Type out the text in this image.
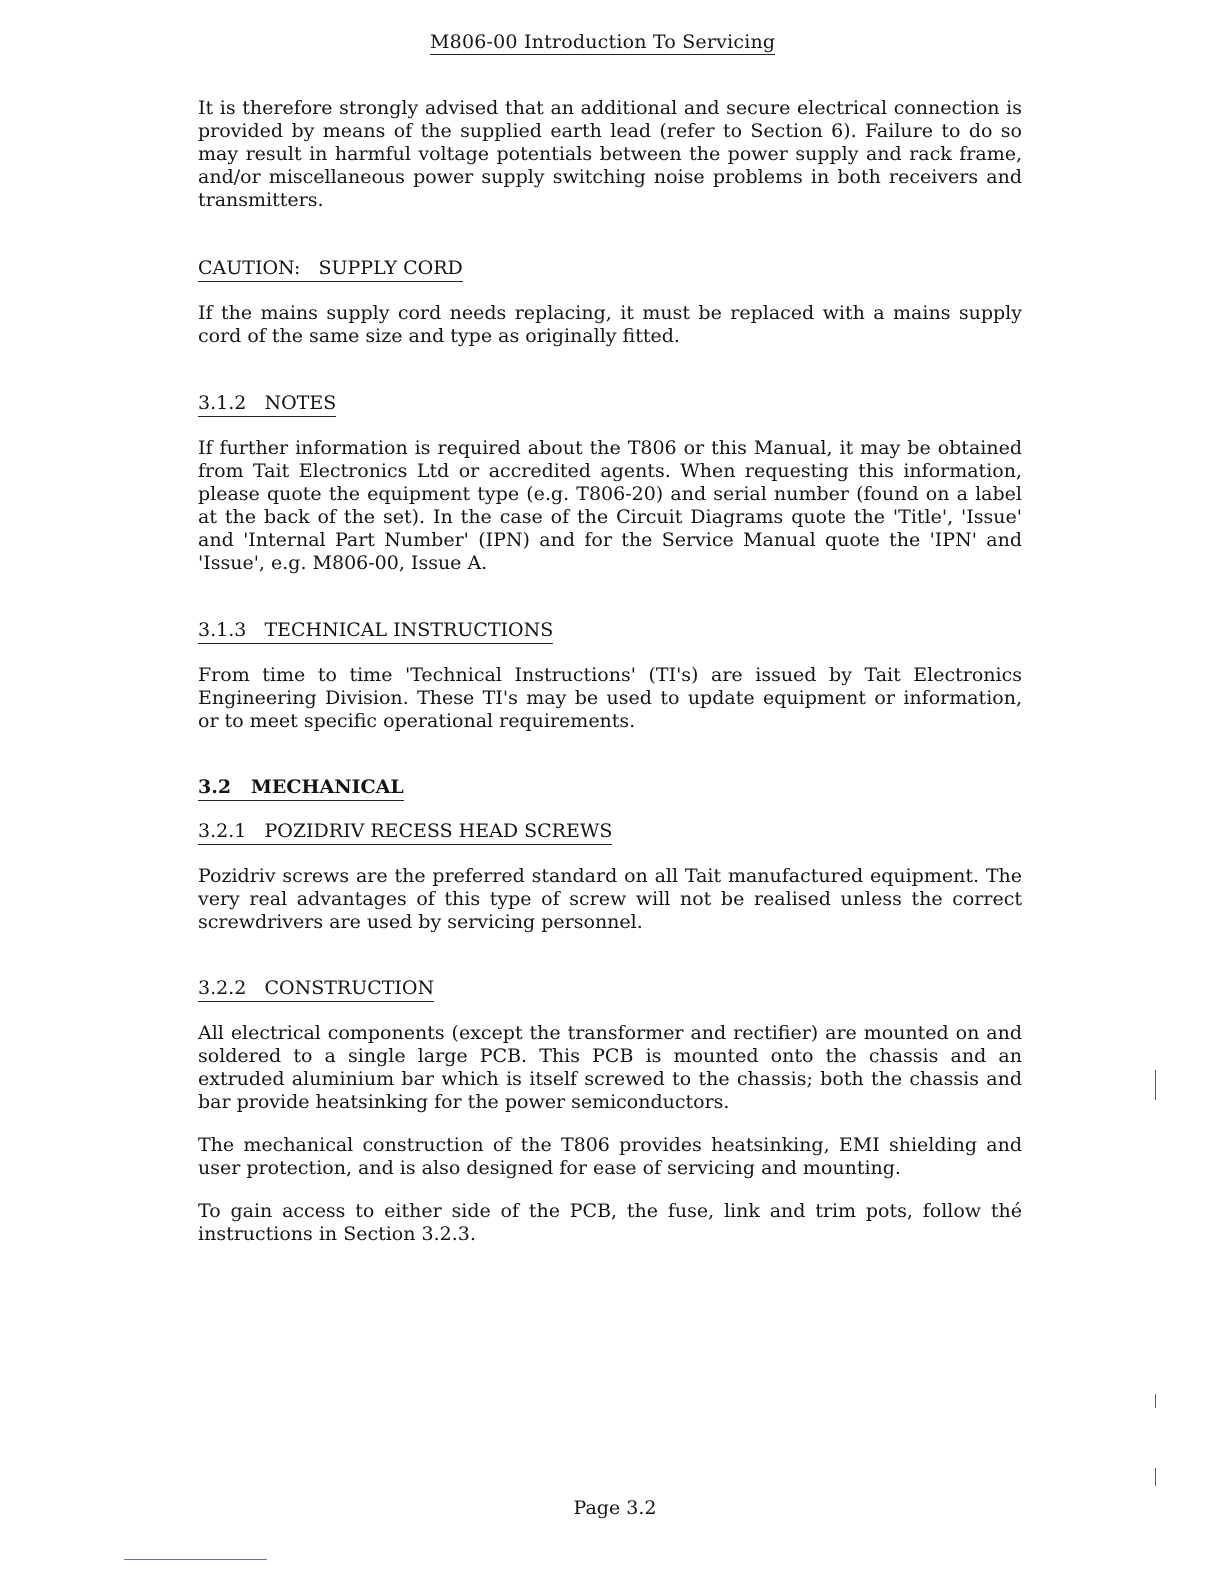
M806-00 Introduction To Servicing

It is therefore strongly advised that an additional and secure electrical connection is provided by means of the supplied earth lead (refer to Section 6). Failure to do so may result in harmful voltage potentials between the power supply and rack frame, and/or miscellaneous power supply switching noise problems in both receivers and transmitters.

CAUTION:   SUPPLY CORD

If the mains supply cord needs replacing, it must be replaced with a mains supply cord of the same size and type as originally fitted.

3.1.2   NOTES

If further information is required about the T806 or this Manual, it may be obtained from Tait Electronics Ltd or accredited agents. When requesting this information, please quote the equipment type (e.g. T806-20) and serial number (found on a label at the back of the set). In the case of the Circuit Diagrams quote the 'Title', 'Issue' and 'Internal Part Number' (IPN) and for the Service Manual quote the 'IPN' and 'Issue', e.g. M806-00, Issue A.

3.1.3   TECHNICAL INSTRUCTIONS

From time to time 'Technical Instructions' (TI's) are issued by Tait Electronics Engineering Division. These TI's may be used to update equipment or information, or to meet specific operational requirements.

3.2   MECHANICAL
3.2.1   POZIDRIV RECESS HEAD SCREWS

Pozidriv screws are the preferred standard on all Tait manufactured equipment. The very real advantages of this type of screw will not be realised unless the correct screwdrivers are used by servicing personnel.

3.2.2   CONSTRUCTION

All electrical components (except the transformer and rectifier) are mounted on and soldered to a single large PCB. This PCB is mounted onto the chassis and an extruded aluminium bar which is itself screwed to the chassis; both the chassis and bar provide heatsinking for the power semiconductors.

The mechanical construction of the T806 provides heatsinking, EMI shielding and user protection, and is also designed for ease of servicing and mounting.

To gain access to either side of the PCB, the fuse, link and trim pots, follow thé instructions in Section 3.2.3.

Page 3.2
